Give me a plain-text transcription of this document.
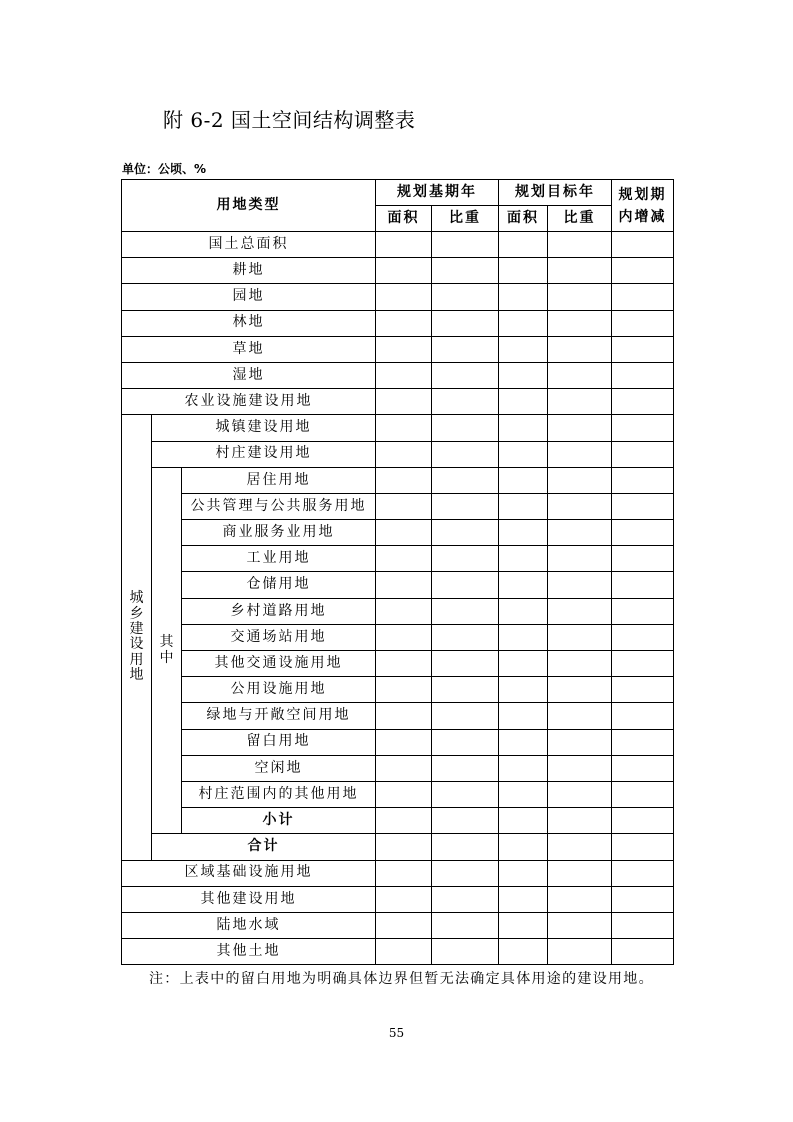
附 6-2 国土空间结构调整表
单位：公顷、%
用地类型			规划基期年		规划目标年		规划期
内增减
			面积	比重	面积	比重	
国土总面积							
耕地							
园地							
林地							
草地							
湿地							
农业设施建设用地							

城乡建设用地	城镇建设用地						
	村庄建设用地						

	其中	居住用地					
		公共管理与公共服务用地					
		商业服务业用地					
		工业用地					
		仓储用地					
		乡村道路用地					
		交通场站用地					
		其他交通设施用地					
		公用设施用地					
		绿地与开敞空间用地					
		留白用地					
		空闲地					
		村庄范围内的其他用地					
		小计					
	合计						
区域基础设施用地							
其他建设用地							
陆地水域							
其他土地							
注：上表中的留白用地为明确具体边界但暂无法确定具体用途的建设用地。
55
